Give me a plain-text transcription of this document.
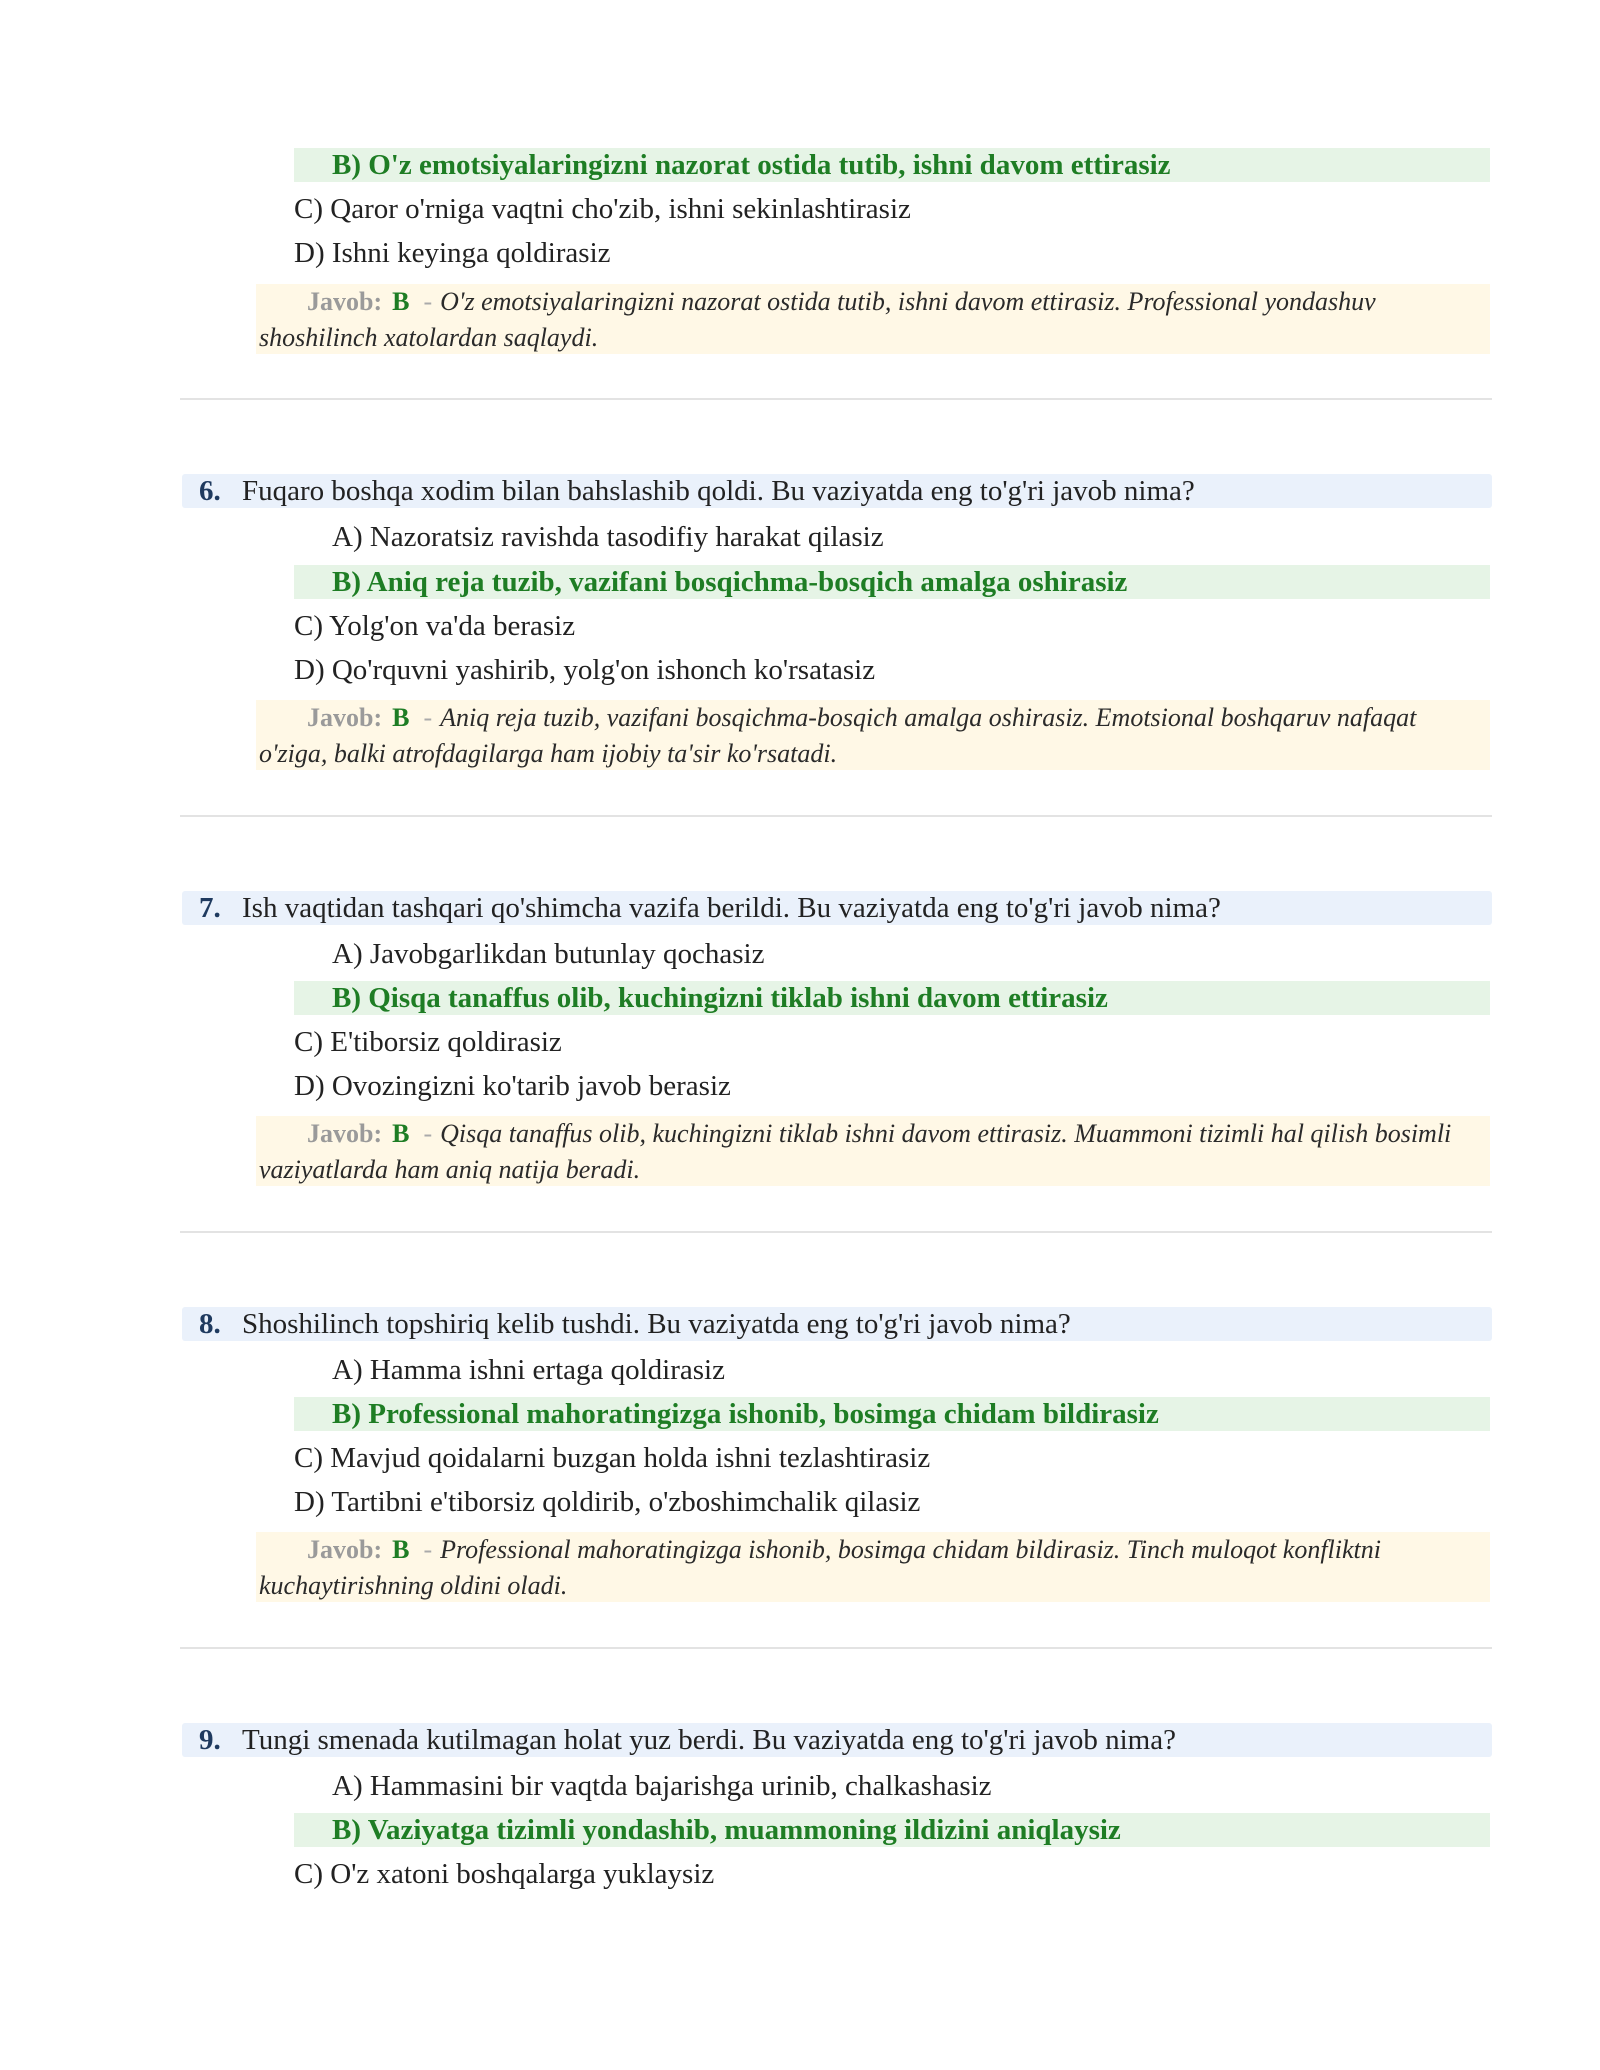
B) O'z emotsiyalaringizni nazorat ostida tutib, ishni davom ettirasiz
C) Qaror o'rniga vaqtni cho'zib, ishni sekinlashtirasiz
D) Ishni keyinga qoldirasiz
Javob: B - O'z emotsiyalaringizni nazorat ostida tutib, ishni davom ettirasiz. Professional yondashuv shoshilinch xatolardan saqlaydi.
6. Fuqaro boshqa xodim bilan bahslashib qoldi. Bu vaziyatda eng to'g'ri javob nima?
A) Nazoratsiz ravishda tasodifiy harakat qilasiz
B) Aniq reja tuzib, vazifani bosqichma-bosqich amalga oshirasiz
C) Yolg'on va'da berasiz
D) Qo'rquvni yashirib, yolg'on ishonch ko'rsatasiz
Javob: B - Aniq reja tuzib, vazifani bosqichma-bosqich amalga oshirasiz. Emotsional boshqaruv nafaqat o'ziga, balki atrofdagilarga ham ijobiy ta'sir ko'rsatadi.
7. Ish vaqtidan tashqari qo'shimcha vazifa berildi. Bu vaziyatda eng to'g'ri javob nima?
A) Javobgarlikdan butunlay qochasiz
B) Qisqa tanaffus olib, kuchingizni tiklab ishni davom ettirasiz
C) E'tiborsiz qoldirasiz
D) Ovozingizni ko'tarib javob berasiz
Javob: B - Qisqa tanaffus olib, kuchingizni tiklab ishni davom ettirasiz. Muammoni tizimli hal qilish bosimli vaziyatlarda ham aniq natija beradi.
8. Shoshilinch topshiriq kelib tushdi. Bu vaziyatda eng to'g'ri javob nima?
A) Hamma ishni ertaga qoldirasiz
B) Professional mahoratingizga ishonib, bosimga chidam bildirasiz
C) Mavjud qoidalarni buzgan holda ishni tezlashtirasiz
D) Tartibni e'tiborsiz qoldirib, o'zboshimchalik qilasiz
Javob: B - Professional mahoratingizga ishonib, bosimga chidam bildirasiz. Tinch muloqot konfliktni kuchaytirishning oldini oladi.
9. Tungi smenada kutilmagan holat yuz berdi. Bu vaziyatda eng to'g'ri javob nima?
A) Hammasini bir vaqtda bajarishga urinib, chalkashasiz
B) Vaziyatga tizimli yondashib, muammoning ildizini aniqlaysiz
C) O'z xatoni boshqalarga yuklaysiz
